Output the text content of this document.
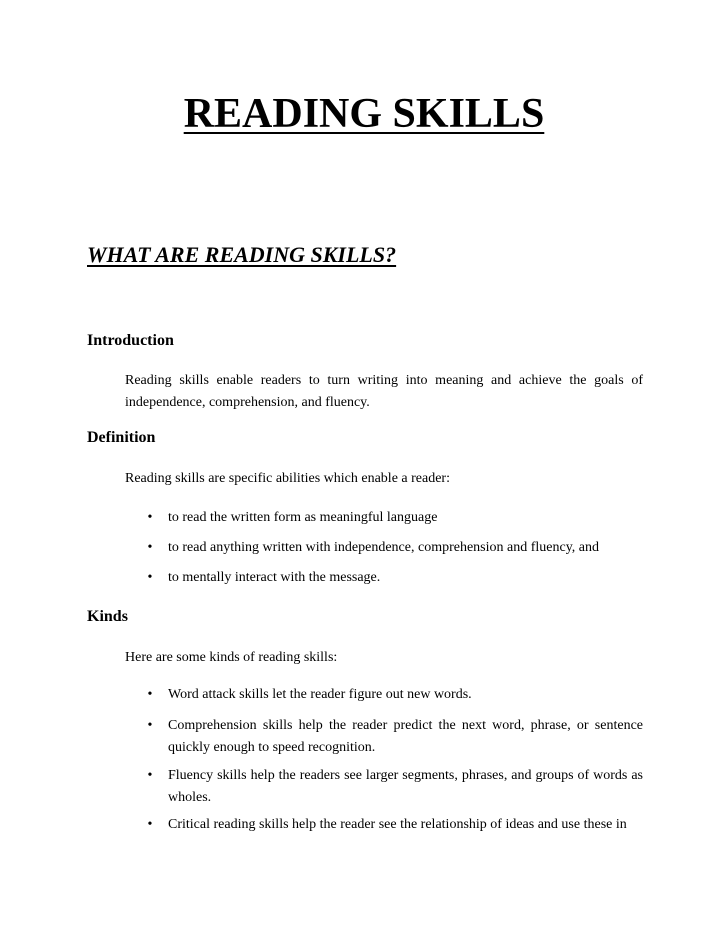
READING SKILLS
WHAT ARE READING SKILLS?
Introduction

Reading skills enable readers to turn writing into meaning and achieve the goals of independence, comprehension, and fluency.

Definition

Reading skills are specific abilities which enable a reader:

•	to read the written form as meaningful language
•	to read anything written with independence, comprehension and fluency, and
•	to mentally interact with the message.
Kinds

Here are some kinds of reading skills:

•	Word attack skills let the reader figure out new words.
•	Comprehension skills help the reader predict the next word, phrase, or sentence quickly enough to speed recognition.
•	Fluency skills help the readers see larger segments, phrases, and groups of words as wholes.
•	Critical reading skills help the reader see the relationship of ideas and use these in
